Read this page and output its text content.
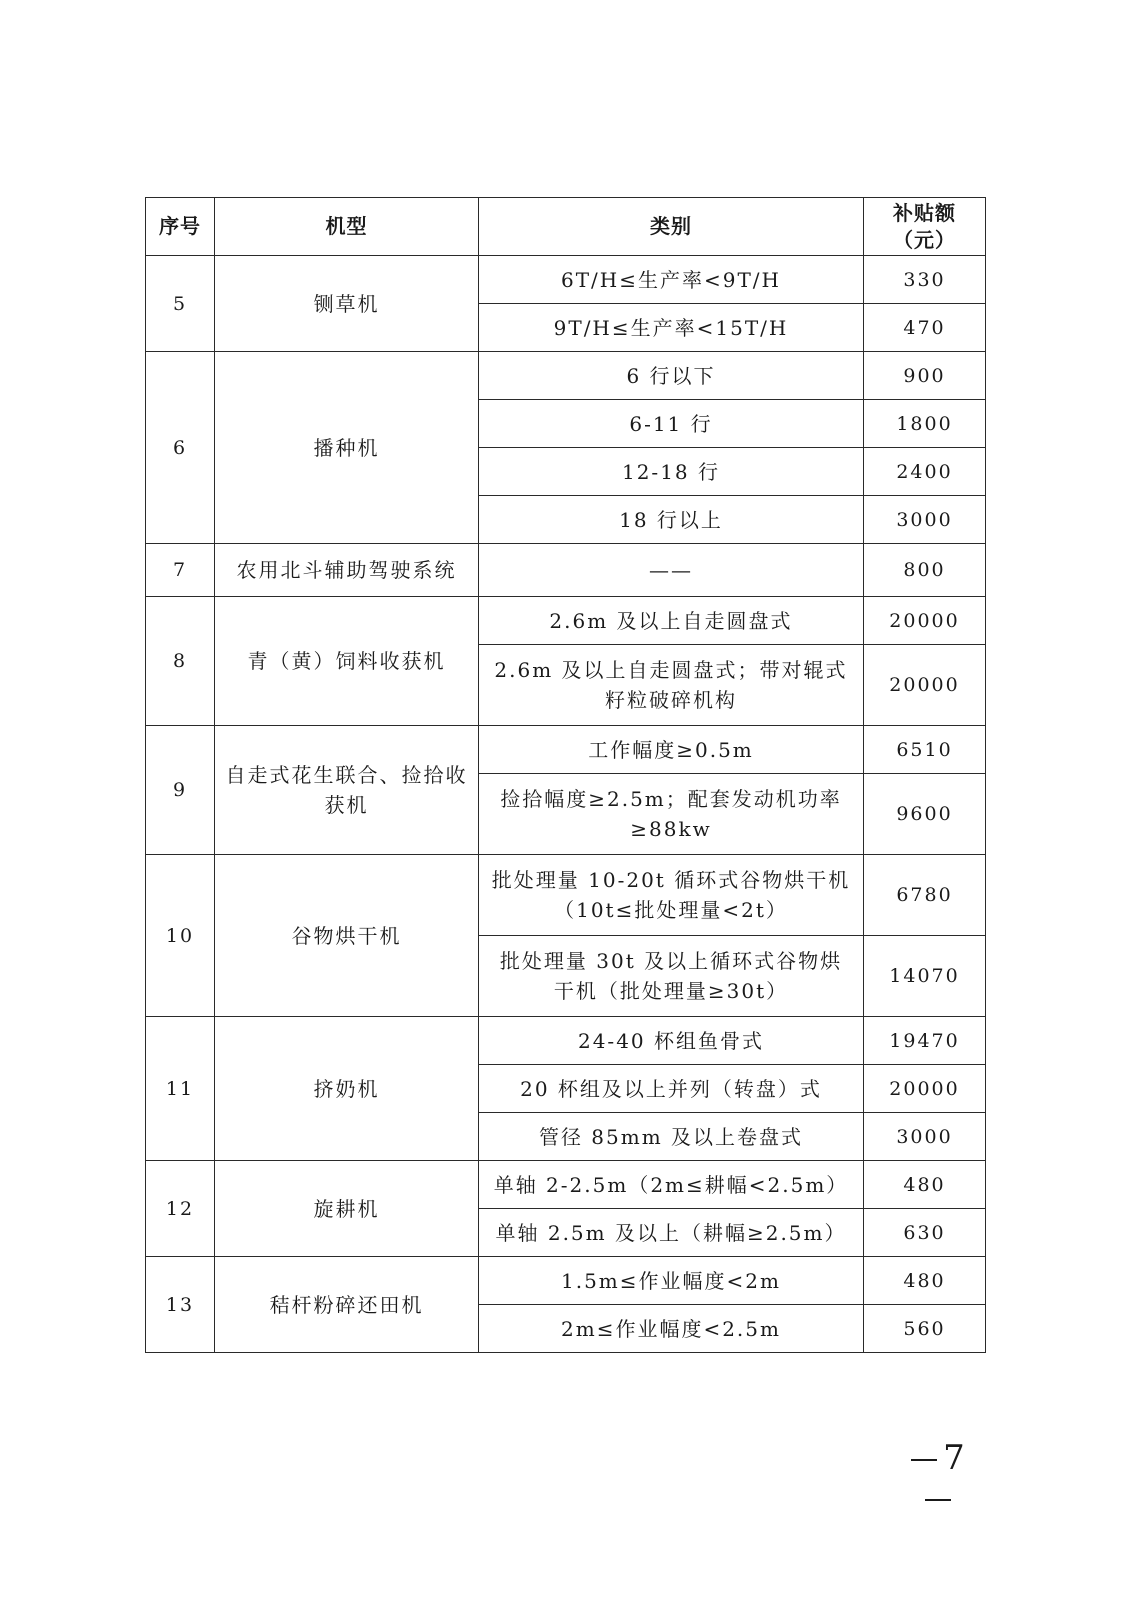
序号	机型	类别	补贴额
（元）
5	铡草机	6T/H≤生产率<9T/H	330
		9T/H≤生产率<15T/H	470
6	播种机	6 行以下	900
		6-11 行	1800
		12-18 行	2400
		18 行以上	3000
7	农用北斗辅助驾驶系统	——	800
8	青（黄）饲料收获机	2.6m 及以上自走圆盘式	20000
		2.6m 及以上自走圆盘式；带对辊式籽粒破碎机构	20000
9	自走式花生联合、捡拾收获机	工作幅度≥0.5m	6510
		捡拾幅度≥2.5m；配套发动机功率≥88kw	9600
10	谷物烘干机	批处理量 10-20t 循环式谷物烘干机（10t≤批处理量<2t）	6780
		批处理量 30t 及以上循环式谷物烘干机（批处理量≥30t）	14070
11	挤奶机	24-40 杯组鱼骨式	19470
		20 杯组及以上并列（转盘）式	20000
		管径 85mm 及以上卷盘式	3000
12	旋耕机	单轴 2-2.5m（2m≤耕幅<2.5m）	480
		单轴 2.5m 及以上（耕幅≥2.5m）	630
13	秸杆粉碎还田机	1.5m≤作业幅度<2m	480
		2m≤作业幅度<2.5m	560
7
